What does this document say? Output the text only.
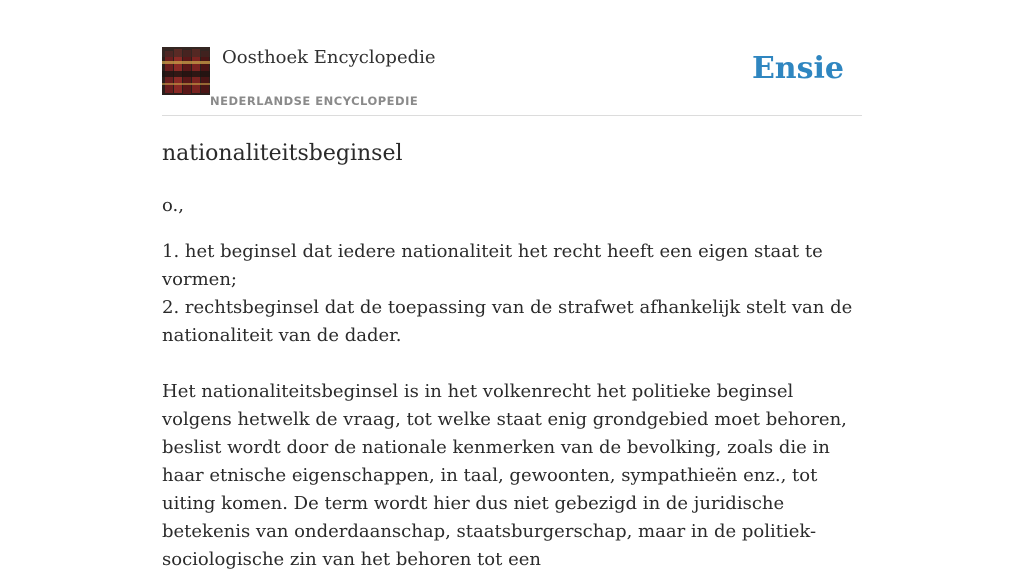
Oosthoek Encyclopedie
NEDERLANDSE ENCYCLOPEDIE
Ensie
nationaliteitsbeginsel

o.,

1. het beginsel dat iedere nationaliteit het recht heeft een eigen staat te vormen;

2. rechtsbeginsel dat de toepassing van de strafwet afhankelijk stelt van de nationaliteit van de dader.

Het nationaliteitsbeginsel is in het volkenrecht het politieke beginsel volgens hetwelk de vraag, tot welke staat enig grondgebied moet behoren, beslist wordt door de nationale kenmerken van de bevolking, zoals die in haar etnische eigenschappen, in taal, gewoonten, sympathieën enz., tot uiting komen. De term wordt hier dus niet gebezigd in de juridische betekenis van onderdaanschap, staatsburgerschap, maar in de politiek-sociologische zin van het behoren tot een
